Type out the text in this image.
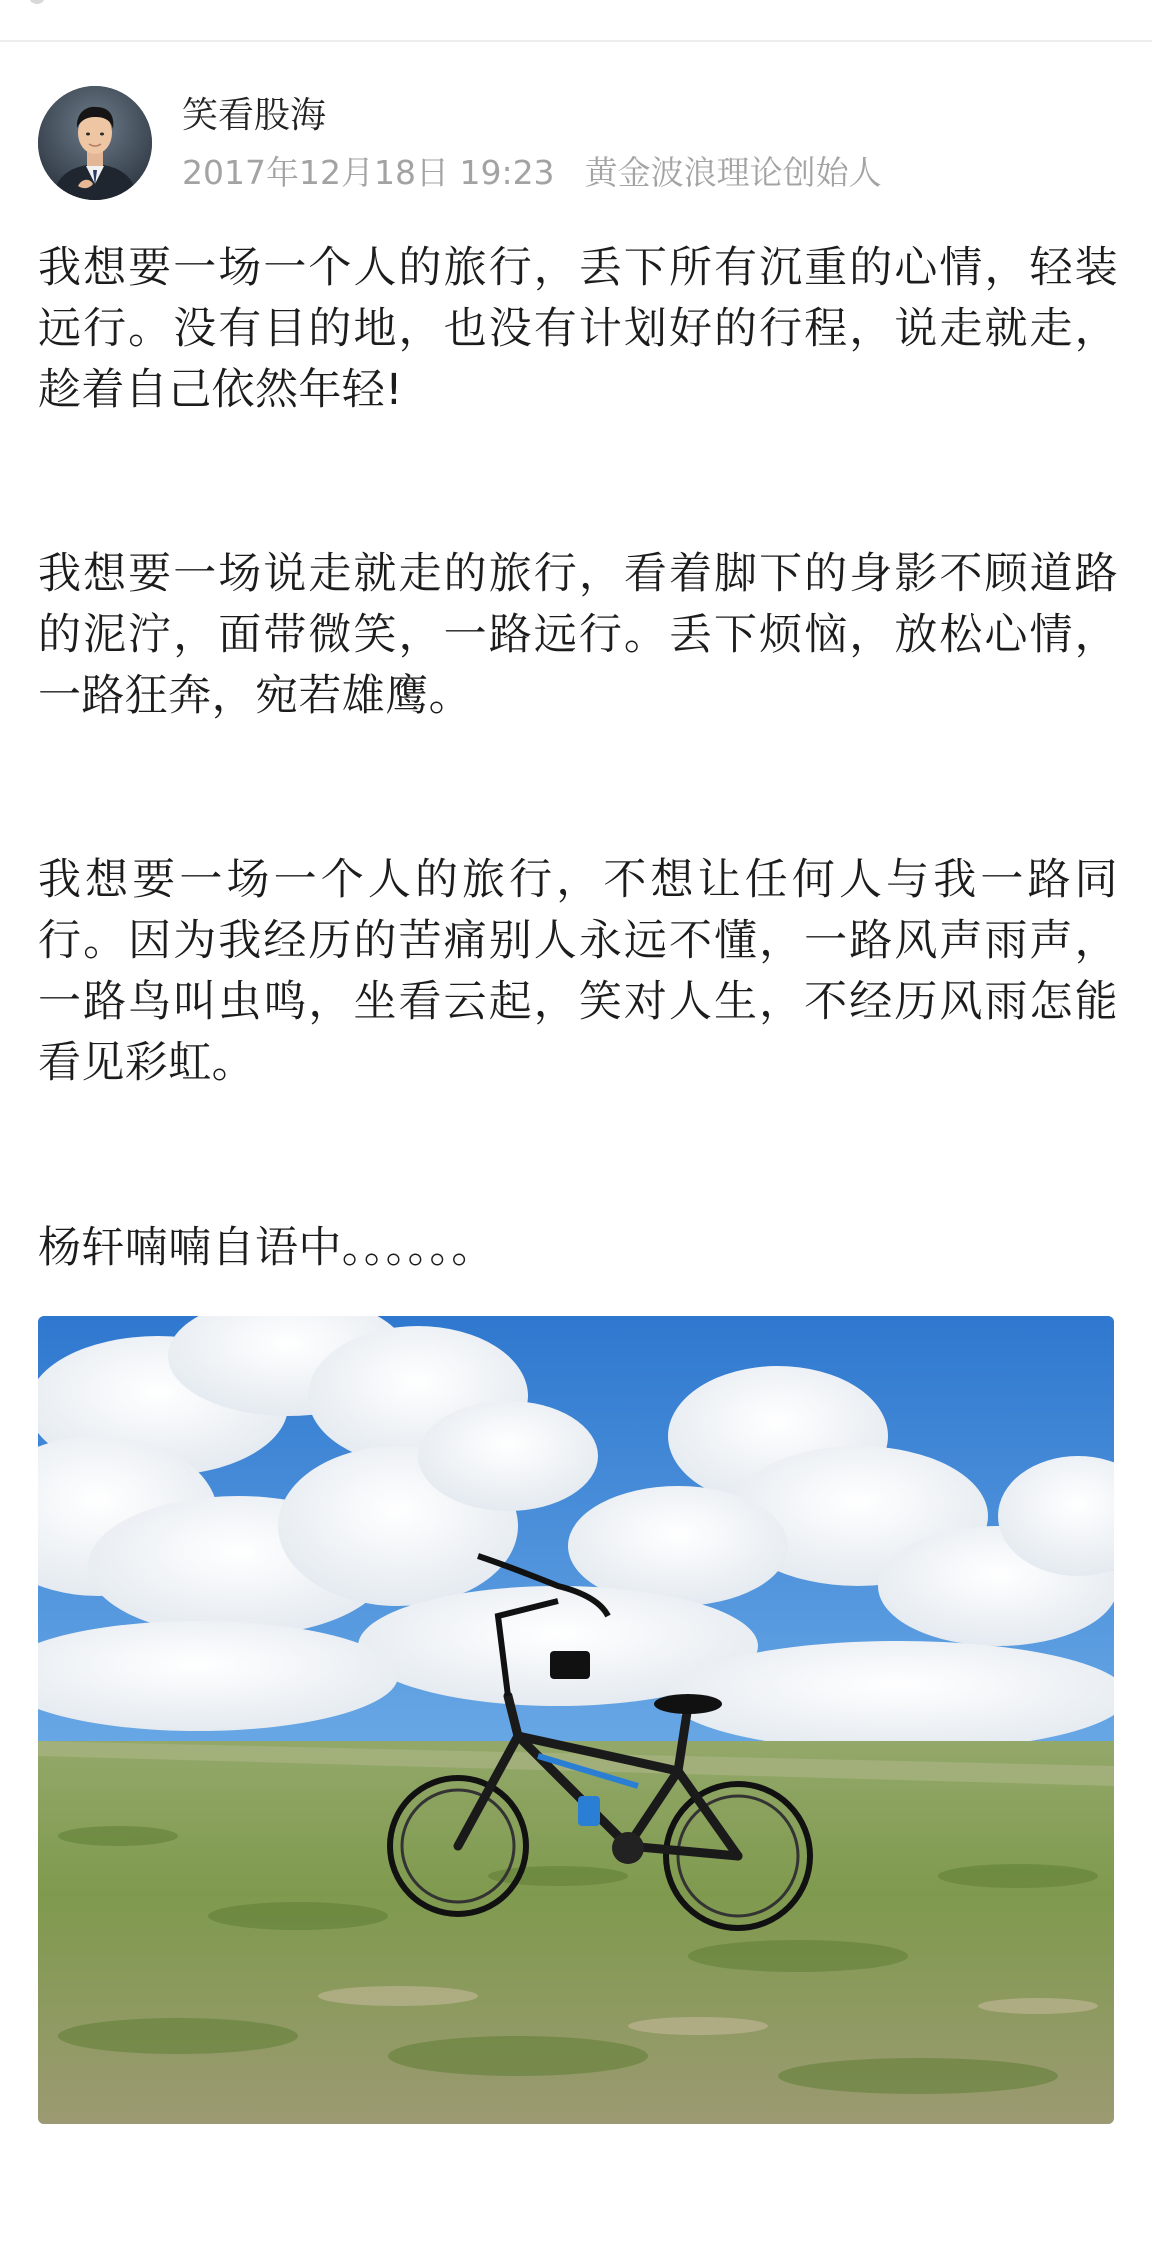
笑看股海
2017年12月18日 19:23 黄金波浪理论创始人

我想要一场一个人的旅行，丢下所有沉重的心情，轻装远行。没有目的地，也没有计划好的行程，说走就走，趁着自己依然年轻!

我想要一场说走就走的旅行，看着脚下的身影不顾道路的泥泞，面带微笑，一路远行。丢下烦恼，放松心情，一路狂奔，宛若雄鹰。

我想要一场一个人的旅行，不想让任何人与我一路同行。因为我经历的苦痛别人永远不懂，一路风声雨声，一路鸟叫虫鸣，坐看云起，笑对人生，不经历风雨怎能看见彩虹。

杨轩喃喃自语中。。。。。。
